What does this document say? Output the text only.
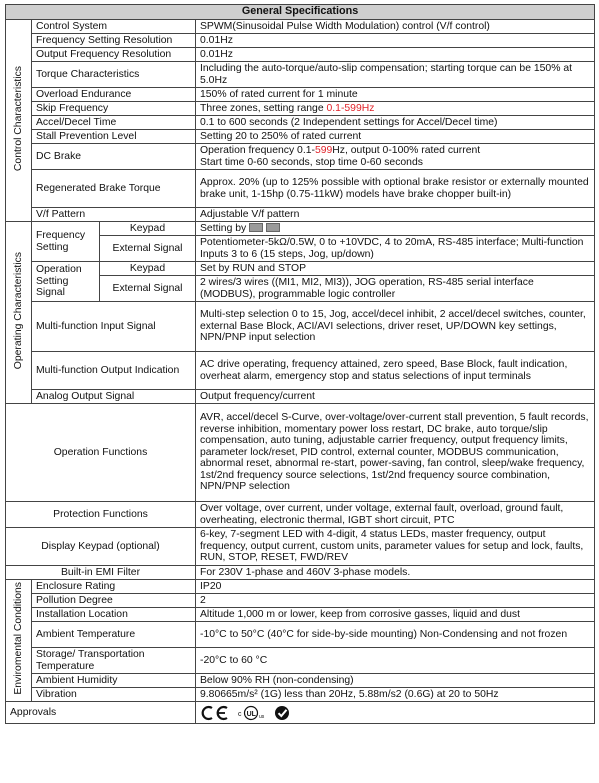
General Specifications			
Control Characteristics	Control System		SPWM(Sinusoidal Pulse Width Modulation) control (V/f control)
	Frequency Setting Resolution		0.01Hz
	Output Frequency Resolution		0.01Hz
	Torque Characteristics		Including the auto-torque/auto-slip compensation; starting torque can be 150% at 5.0Hz
	Overload Endurance		150% of rated current for 1 minute
	Skip Frequency		Three zones, setting range 0.1-599Hz
	Accel/Decel Time		0.1 to 600 seconds (2 Independent settings for Accel/Decel time)
	Stall Prevention Level		Setting 20 to 250% of rated current
	DC Brake		Operation frequency 0.1-599Hz, output 0-100% rated current
Start time 0-60 seconds, stop time 0-60 seconds
	Regenerated Brake Torque		Approx. 20% (up to 125% possible with optional brake resistor or externally mounted brake unit, 1-15hp (0.75-11kW) models have brake chopper built-in)
	V/f Pattern		Adjustable V/f pattern
Operating Characteristics	Frequency Setting	Keypad	Setting by
		External Signal	Potentiometer-5kΩ/0.5W, 0 to +10VDC, 4 to 20mA, RS-485 interface; Multi-function Inputs 3 to 6 (15 steps, Jog, up/down)
	Operation Setting Signal	Keypad	Set by RUN and STOP
		External Signal	2 wires/3 wires ((MI1, MI2, MI3)), JOG operation, RS-485 serial interface (MODBUS), programmable logic controller
	Multi-function Input Signal		Multi-step selection 0 to 15, Jog, accel/decel inhibit, 2 accel/decel switches, counter, external Base Block, ACI/AVI selections, driver reset, UP/DOWN key settings, NPN/PNP input selection
	Multi-function Output Indication		AC drive operating, frequency attained, zero speed, Base Block, fault indication, overheat alarm, emergency stop and status selections of input terminals
	Analog Output Signal		Output frequency/current
Operation Functions			AVR, accel/decel S-Curve, over-voltage/over-current stall prevention, 5 fault records, reverse inhibition, momentary power loss restart, DC brake, auto torque/slip compensation, auto tuning, adjustable carrier frequency, output frequency limits, parameter lock/reset, PID control, external counter, MODBUS communication, abnormal reset, abnormal re-start, power-saving, fan control, sleep/wake frequency, 1st/2nd frequency source selections, 1st/2nd frequency source combination, NPN/PNP selection
Protection Functions			Over voltage, over current, under voltage, external fault, overload, ground fault, overheating, electronic thermal, IGBT short circuit, PTC
Display Keypad (optional)			6-key, 7-segment LED with 4-digit, 4 status LEDs, master frequency, output frequency, output current, custom units, parameter values for setup and lock, faults, RUN, STOP, RESET, FWD/REV
Built-in EMI Filter			For 230V 1-phase and 460V 3-phase models.
Enviromental Conditions	Enclosure Rating		IP20
	Pollution Degree		2
	Installation Location		Altitude 1,000 m or lower, keep from corrosive gasses, liquid and dust
	Ambient Temperature		-10°C to 50°C (40°C for side-by-side mounting) Non-Condensing and not frozen
	Storage/ Transportation Temperature		-20°C to 60 °C
	Ambient Humidity		Below 90% RH (non-condensing)
	Vibration		9.80665m/s² (1G) less than 20Hz, 5.88m/s2 (0.6G) at 20 to 50Hz
Approvals			c UL us
